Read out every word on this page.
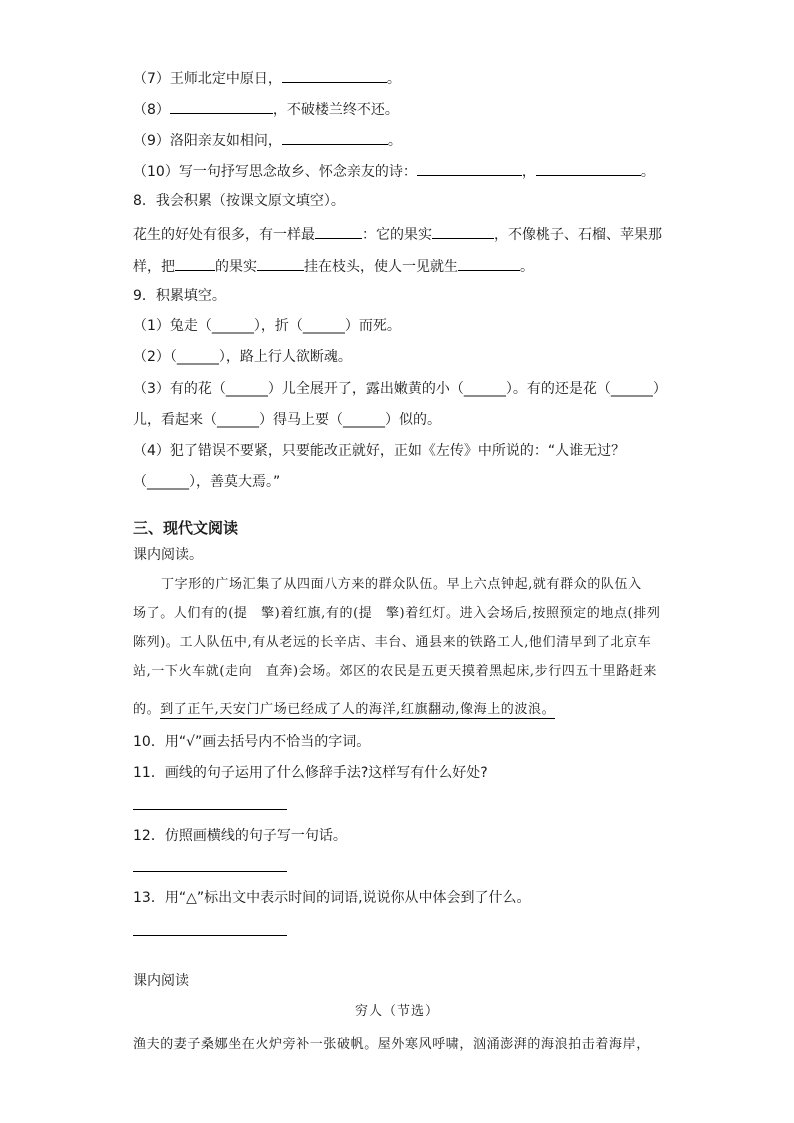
（7）王师北定中原日，	。
（8）	，不破楼兰终不还。
（9）洛阳亲友如相问，	。
（10）写一句抒写思念故乡、怀念亲友的诗：	，	。
8．我会积累（按课文原文填空）。
花生的好处有很多，有一样最	：它的果实	，不像桃子、石榴、苹果那
样，把	的果实	挂在枝头，使人一见就生	。
9．积累填空。
（1）兔走（______），折（______）而死。
（2）（______），路上行人欲断魂。
（3）有的花（______）儿全展开了，露出嫩黄的小（______）。有的还是花（______）
儿，看起来（______）得马上要（______）似的。
（4）犯了错误不要紧，只要能改正就好，正如《左传》中所说的：“人谁无过？
（______），善莫大焉。”
三、现代文阅读
课内阅读。
丁字形的广场汇集了从四面八方来的群众队伍。早上六点钟起,就有群众的队伍入
场了。人们有的(提　擎)着红旗,有的(提　擎)着红灯。进入会场后,按照预定的地点(排列
陈列)。工人队伍中,有从老远的长辛店、丰台、通县来的铁路工人,他们清早到了北京车
站,一下火车就(走向　直奔)会场。郊区的农民是五更天摸着黑起床,步行四五十里路赶来
的。到了正午,天安门广场已经成了人的海洋,红旗翻动,像海上的波浪。
10．用“√”画去括号内不恰当的字词。
11．画线的句子运用了什么修辞手法?这样写有什么好处?
12．仿照画横线的句子写一句话。
13．用“△”标出文中表示时间的词语,说说你从中体会到了什么。
课内阅读
穷人（节选）
渔夫的妻子桑娜坐在火炉旁补一张破帆。屋外寒风呼啸，汹涌澎湃的海浪拍击着海岸，
